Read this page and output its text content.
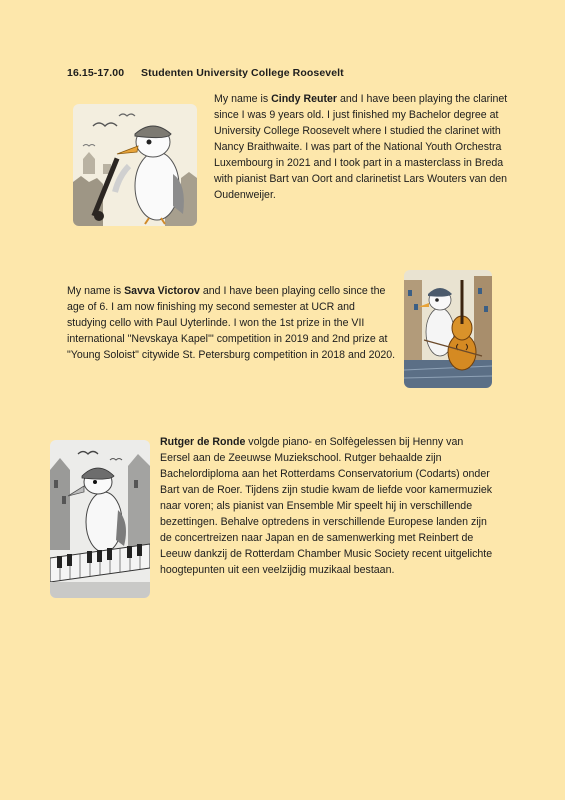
16.15-17.00 Studenten University College Roosevelt
My name is Cindy Reuter and I have been playing the clarinet since I was 9 years old. I just finished my Bachelor degree at University College Roosevelt where I studied the clarinet with Nancy Braithwaite. I was part of the National Youth Orchestra Luxembourg in 2021 and I took part in a masterclass in Breda with pianist Bart van Oort and clarinetist Lars Wouters van den Oudenweijer.
My name is Savva Victorov and I have been playing cello since the age of 6. I am now finishing my second semester at UCR and studying cello with Paul Uyterlinde. I won the 1st prize in the VII international "Nevskaya Kapel'" competition in 2019 and 2nd prize at "Young Soloist" citywide St. Petersburg competition in 2018 and 2020.
Rutger de Ronde volgde piano- en Solfègelessen bij Henny van Eersel aan de Zeeuwse Muziekschool. Rutger behaalde zijn Bachelordiploma aan het Rotterdams Conservatorium (Codarts) onder Bart van de Roer. Tijdens zijn studie kwam de liefde voor kamermuziek naar voren; als pianist van Ensemble Mir speelt hij in verschillende bezettingen. Behalve optredens in verschillende Europese landen zijn de concertreizen naar Japan en de samenwerking met Reinbert de Leeuw dankzij de Rotterdam Chamber Music Society recent uitgelichte hoogtepunten uit een veelzijdig muzikaal bestaan.
